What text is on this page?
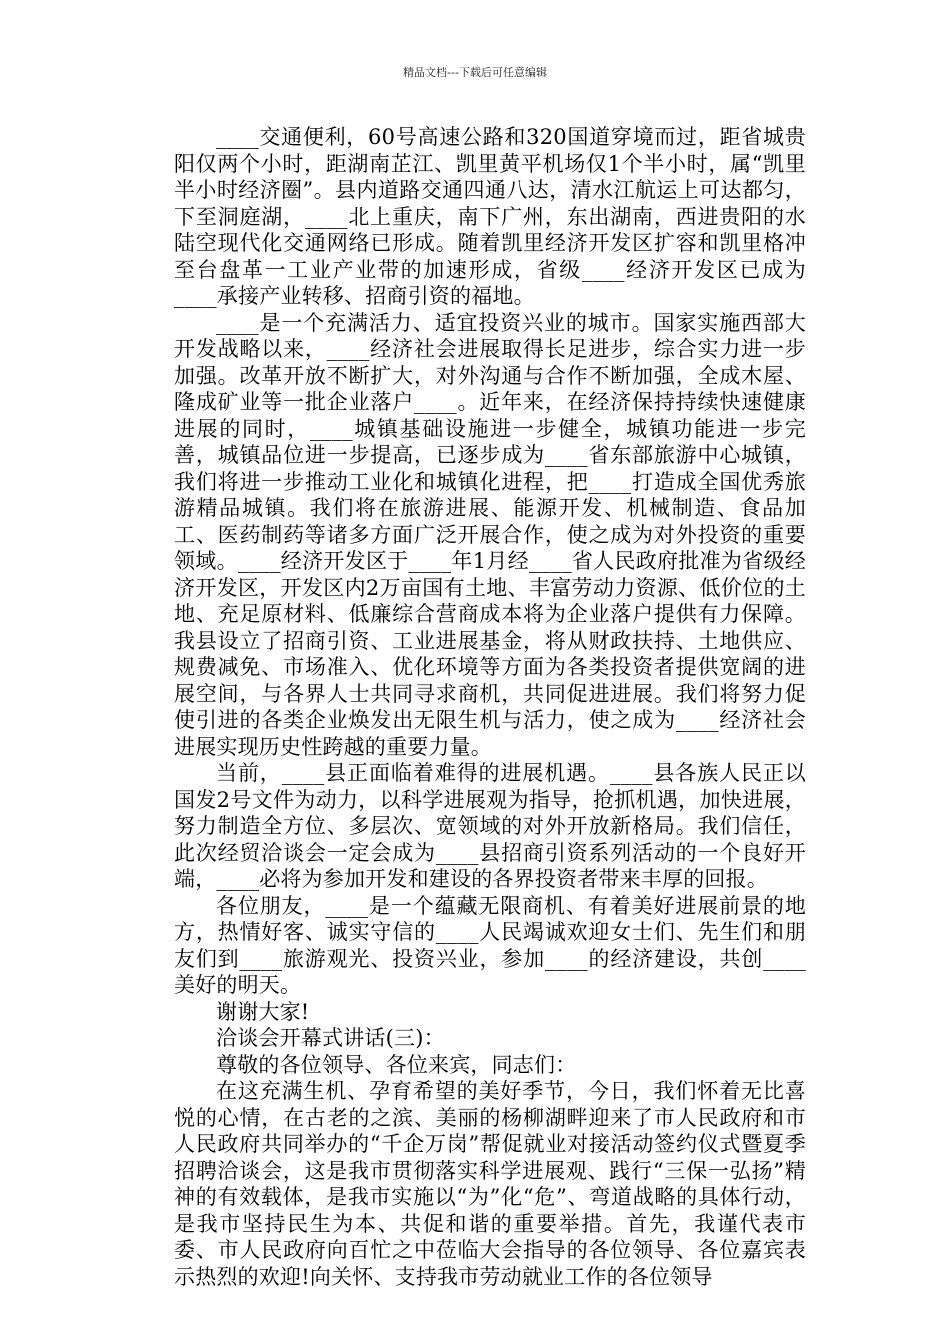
精品文档---下载后可任意编辑

____交通便利，60号高速公路和320国道穿境而过，距省城贵阳仅两个小时，距湖南芷江、凯里黄平机场仅1个半小时，属“凯里半小时经济圈”。县内道路交通四通八达，清水江航运上可达都匀，下至洞庭湖，____北上重庆，南下广州，东出湖南，西进贵阳的水陆空现代化交通网络已形成。随着凯里经济开发区扩容和凯里格冲至台盘革一工业产业带的加速形成，省级____经济开发区已成为____承接产业转移、招商引资的福地。

____是一个充满活力、适宜投资兴业的城市。国家实施西部大开发战略以来，____经济社会进展取得长足进步，综合实力进一步加强。改革开放不断扩大，对外沟通与合作不断加强，全成木屋、隆成矿业等一批企业落户____。近年来，在经济保持持续快速健康进展的同时，____城镇基础设施进一步健全，城镇功能进一步完善，城镇品位进一步提高，已逐步成为____省东部旅游中心城镇，我们将进一步推动工业化和城镇化进程，把____打造成全国优秀旅游精品城镇。我们将在旅游进展、能源开发、机械制造、食品加工、医药制药等诸多方面广泛开展合作，使之成为对外投资的重要领域。____经济开发区于____年1月经____省人民政府批准为省级经济开发区，开发区内2万亩国有土地、丰富劳动力资源、低价位的土地、充足原材料、低廉综合营商成本将为企业落户提供有力保障。我县设立了招商引资、工业进展基金，将从财政扶持、土地供应、规费减免、市场准入、优化环境等方面为各类投资者提供宽阔的进展空间，与各界人士共同寻求商机，共同促进进展。我们将努力促使引进的各类企业焕发出无限生机与活力，使之成为____经济社会进展实现历史性跨越的重要力量。

当前，____县正面临着难得的进展机遇。____县各族人民正以国发2号文件为动力，以科学进展观为指导，抢抓机遇，加快进展，努力制造全方位、多层次、宽领域的对外开放新格局。我们信任，此次经贸洽谈会一定会成为____县招商引资系列活动的一个良好开端，____必将为参加开发和建设的各界投资者带来丰厚的回报。

各位朋友，____是一个蕴藏无限商机、有着美好进展前景的地方，热情好客、诚实守信的____人民竭诚欢迎女士们、先生们和朋友们到____旅游观光、投资兴业，参加____的经济建设，共创____美好的明天。

谢谢大家!

洽谈会开幕式讲话(三)：

尊敬的各位领导、各位来宾，同志们：

在这充满生机、孕育希望的美好季节，今日，我们怀着无比喜悦的心情，在古老的之滨、美丽的杨柳湖畔迎来了市人民政府和市人民政府共同举办的“千企万岗”帮促就业对接活动签约仪式暨夏季招聘洽谈会，这是我市贯彻落实科学进展观、践行“三保一弘扬”精神的有效载体，是我市实施以“为”化“危”、弯道战略的具体行动，是我市坚持民生为本、共促和谐的重要举措。首先，我谨代表市委、市人民政府向百忙之中莅临大会指导的各位领导、各位嘉宾表示热烈的欢迎!向关怀、支持我市劳动就业工作的各位领导
